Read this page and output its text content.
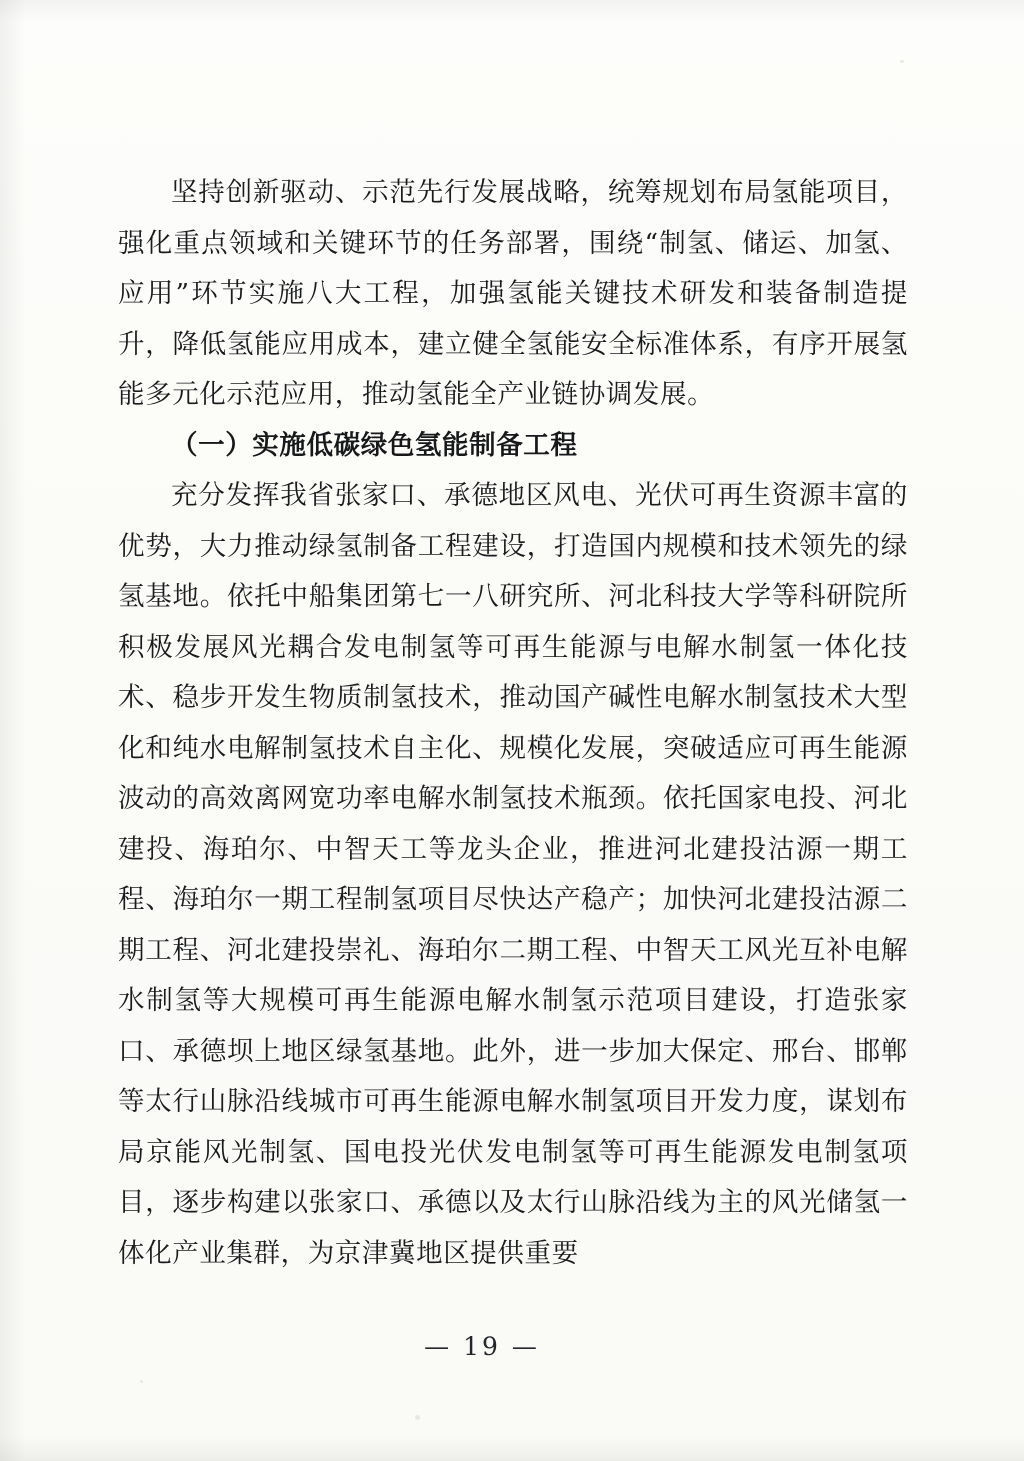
坚持创新驱动、示范先行发展战略，统筹规划布局氢能项目，强化重点领域和关键环节的任务部署，围绕“制氢、储运、加氢、应用”环节实施八大工程，加强氢能关键技术研发和装备制造提升，降低氢能应用成本，建立健全氢能安全标准体系，有序开展氢能多元化示范应用，推动氢能全产业链协调发展。

（一）实施低碳绿色氢能制备工程

充分发挥我省张家口、承德地区风电、光伏可再生资源丰富的优势，大力推动绿氢制备工程建设，打造国内规模和技术领先的绿氢基地。依托中船集团第七一八研究所、河北科技大学等科研院所积极发展风光耦合发电制氢等可再生能源与电解水制氢一体化技术、稳步开发生物质制氢技术，推动国产碱性电解水制氢技术大型化和纯水电解制氢技术自主化、规模化发展，突破适应可再生能源波动的高效离网宽功率电解水制氢技术瓶颈。依托国家电投、河北建投、海珀尔、中智天工等龙头企业，推进河北建投沽源一期工程、海珀尔一期工程制氢项目尽快达产稳产；加快河北建投沽源二期工程、河北建投崇礼、海珀尔二期工程、中智天工风光互补电解水制氢等大规模可再生能源电解水制氢示范项目建设，打造张家口、承德坝上地区绿氢基地。此外，进一步加大保定、邢台、邯郸等太行山脉沿线城市可再生能源电解水制氢项目开发力度，谋划布局京能风光制氢、国电投光伏发电制氢等可再生能源发电制氢项目，逐步构建以张家口、承德以及太行山脉沿线为主的风光储氢一体化产业集群，为京津冀地区提供重要

— 19 —
